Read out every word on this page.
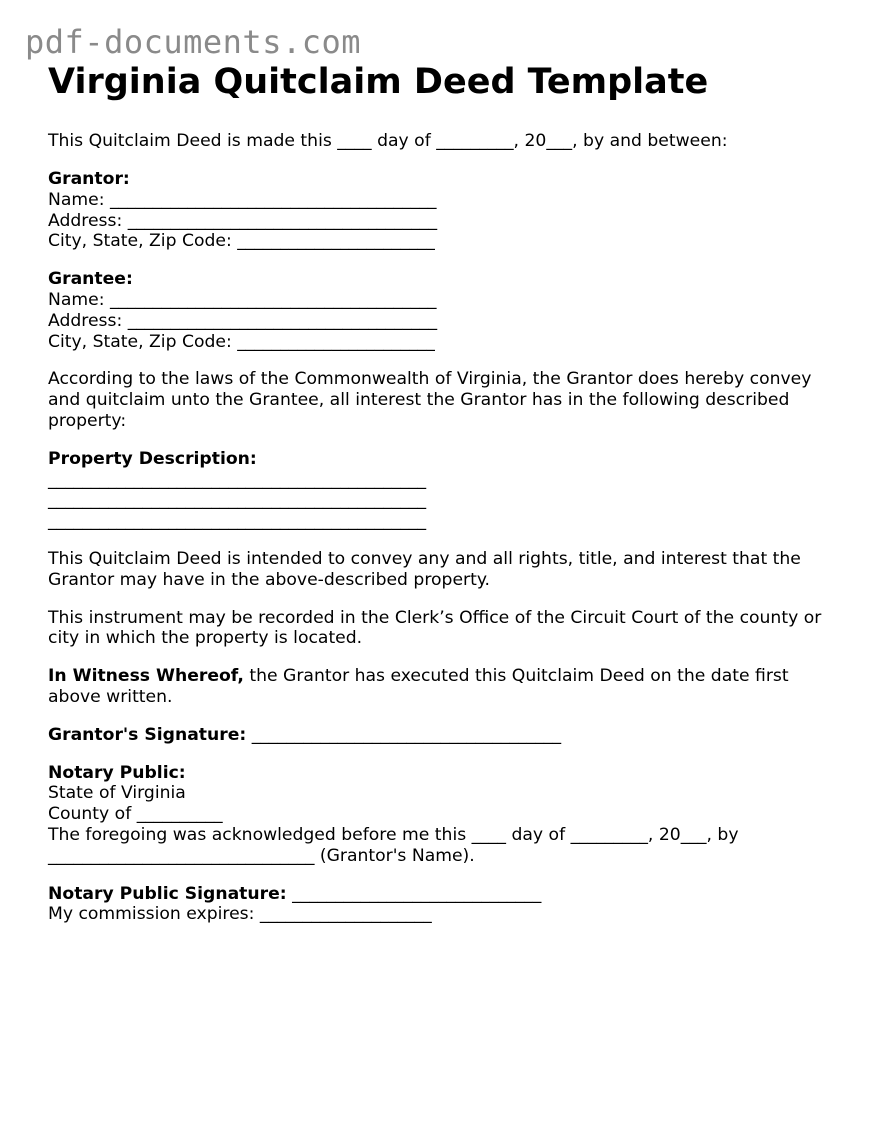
pdf-documents.com
Virginia Quitclaim Deed Template

This Quitclaim Deed is made this ____ day of _________, 20___, by and between:

Grantor:
Name: ______________________________________
Address: ____________________________________
City, State, Zip Code: _______________________

Grantee:
Name: ______________________________________
Address: ____________________________________
City, State, Zip Code: _______________________

According to the laws of the Commonwealth of Virginia, the Grantor does hereby convey
and quitclaim unto the Grantee, all interest the Grantor has in the following described
property:

Property Description:
____________________________________________
____________________________________________
____________________________________________

This Quitclaim Deed is intended to convey any and all rights, title, and interest that the
Grantor may have in the above-described property.

This instrument may be recorded in the Clerk’s Office of the Circuit Court of the county or
city in which the property is located.

In Witness Whereof, the Grantor has executed this Quitclaim Deed on the date first
above written.

Grantor's Signature: ____________________________________

Notary Public:
State of Virginia
County of __________
The foregoing was acknowledged before me this ____ day of _________, 20___, by
_______________________________ (Grantor's Name).

Notary Public Signature: _____________________________
My commission expires: ____________________
